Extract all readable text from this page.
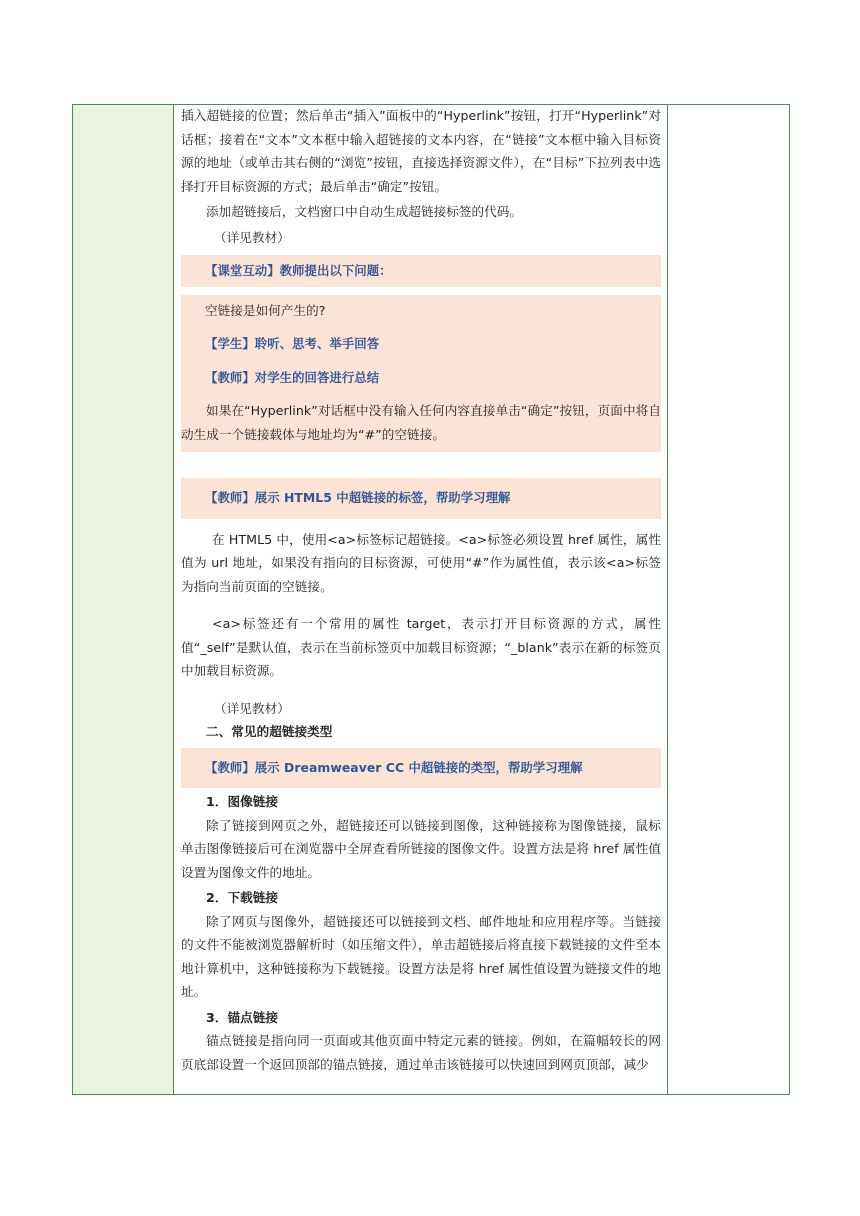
插入超链接的位置；然后单击“插入”面板中的“Hyperlink”按钮，打开“Hyperlink”对话框；接着在“文本”文本框中输入超链接的文本内容，在“链接”文本框中输入目标资源的地址（或单击其右侧的“浏览”按钮，直接选择资源文件），在“目标”下拉列表中选择打开目标资源的方式；最后单击“确定”按钮。

添加超链接后，文档窗口中自动生成超链接标签的代码。

（详见教材）

【课堂互动】教师提出以下问题：

空链接是如何产生的?

【学生】聆听、思考、举手回答

【教师】对学生的回答进行总结

如果在“Hyperlink”对话框中没有输入任何内容直接单击“确定”按钮，页面中将自动生成一个链接载体与地址均为“#”的空链接。

【教师】展示 HTML5 中超链接的标签，帮助学习理解

在 HTML5 中，使用<a>标签标记超链接。<a>标签必须设置 href 属性，属性值为 url 地址，如果没有指向的目标资源，可使用“#”作为属性值，表示该<a>标签为指向当前页面的空链接。

<a>标签还有一个常用的属性 target，表示打开目标资源的方式，属性值“_self”是默认值，表示在当前标签页中加载目标资源；“_blank”表示在新的标签页中加载目标资源。

（详见教材）

二、常见的超链接类型

【教师】展示 Dreamweaver CC 中超链接的类型，帮助学习理解

1．图像链接

除了链接到网页之外，超链接还可以链接到图像，这种链接称为图像链接，鼠标单击图像链接后可在浏览器中全屏查看所链接的图像文件。设置方法是将 href 属性值设置为图像文件的地址。

2．下载链接

除了网页与图像外，超链接还可以链接到文档、邮件地址和应用程序等。当链接的文件不能被浏览器解析时（如压缩文件），单击超链接后将直接下载链接的文件至本地计算机中，这种链接称为下载链接。设置方法是将 href 属性值设置为链接文件的地址。

3．锚点链接

锚点链接是指向同一页面或其他页面中特定元素的链接。例如，在篇幅较长的网页底部设置一个返回顶部的锚点链接，通过单击该链接可以快速回到网页顶部，减少
